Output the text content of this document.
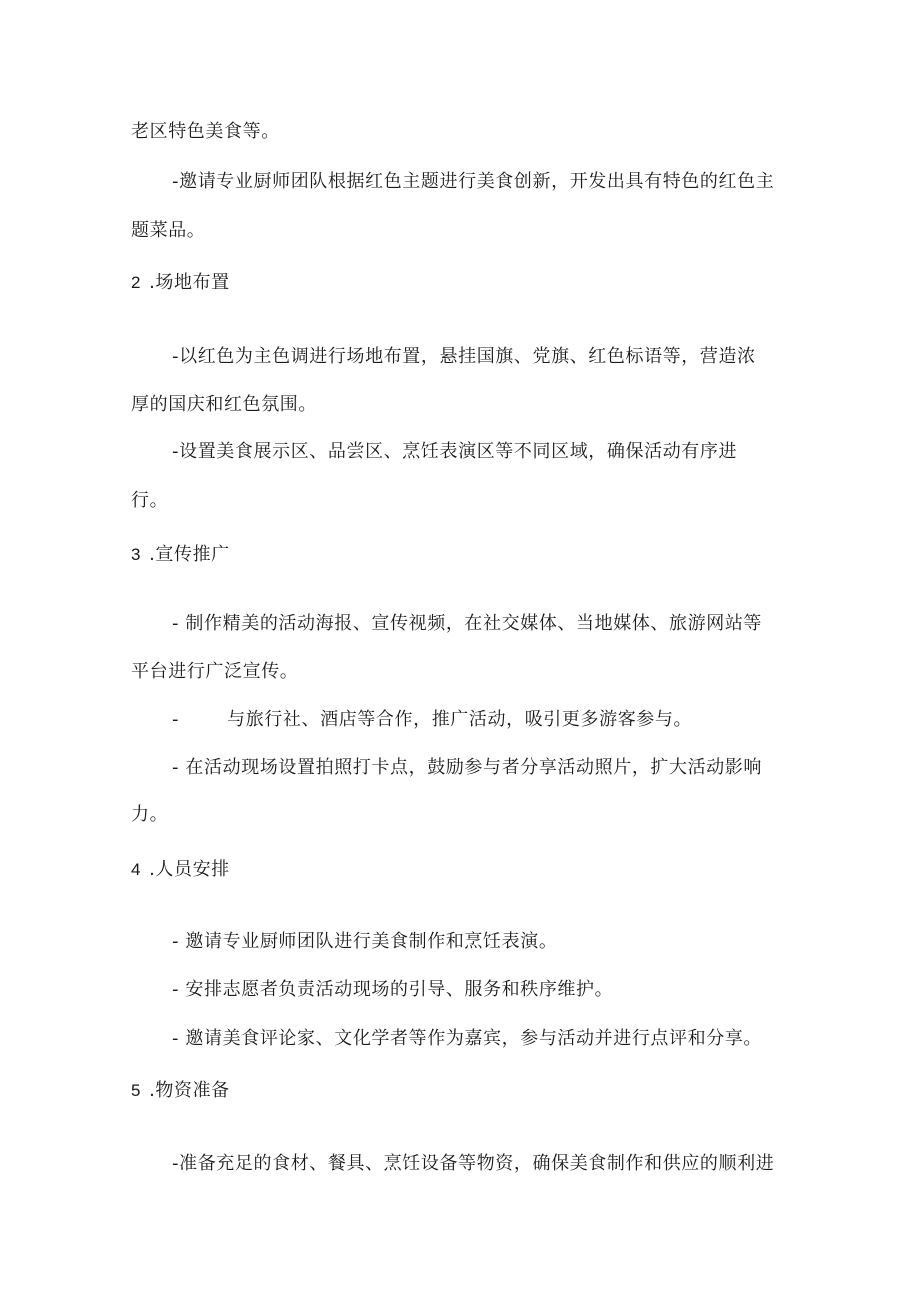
老区特色美食等。
-邀请专业厨师团队根据红色主题进行美食创新，开发出具有特色的红色主
题菜品。
2 .场地布置
-以红色为主色调进行场地布置，悬挂国旗、党旗、红色标语等，营造浓
厚的国庆和红色氛围。
-设置美食展示区、品尝区、烹饪表演区等不同区域，确保活动有序进
行。
3 .宣传推广
- 制作精美的活动海报、宣传视频，在社交媒体、当地媒体、旅游网站等
平台进行广泛宣传。
-	与旅行社、酒店等合作，推广活动，吸引更多游客参与。
- 在活动现场设置拍照打卡点，鼓励参与者分享活动照片，扩大活动影响
力。
4 .人员安排
- 邀请专业厨师团队进行美食制作和烹饪表演。
- 安排志愿者负责活动现场的引导、服务和秩序维护。
- 邀请美食评论家、文化学者等作为嘉宾，参与活动并进行点评和分享。
5 .物资准备
-准备充足的食材、餐具、烹饪设备等物资，确保美食制作和供应的顺利进
